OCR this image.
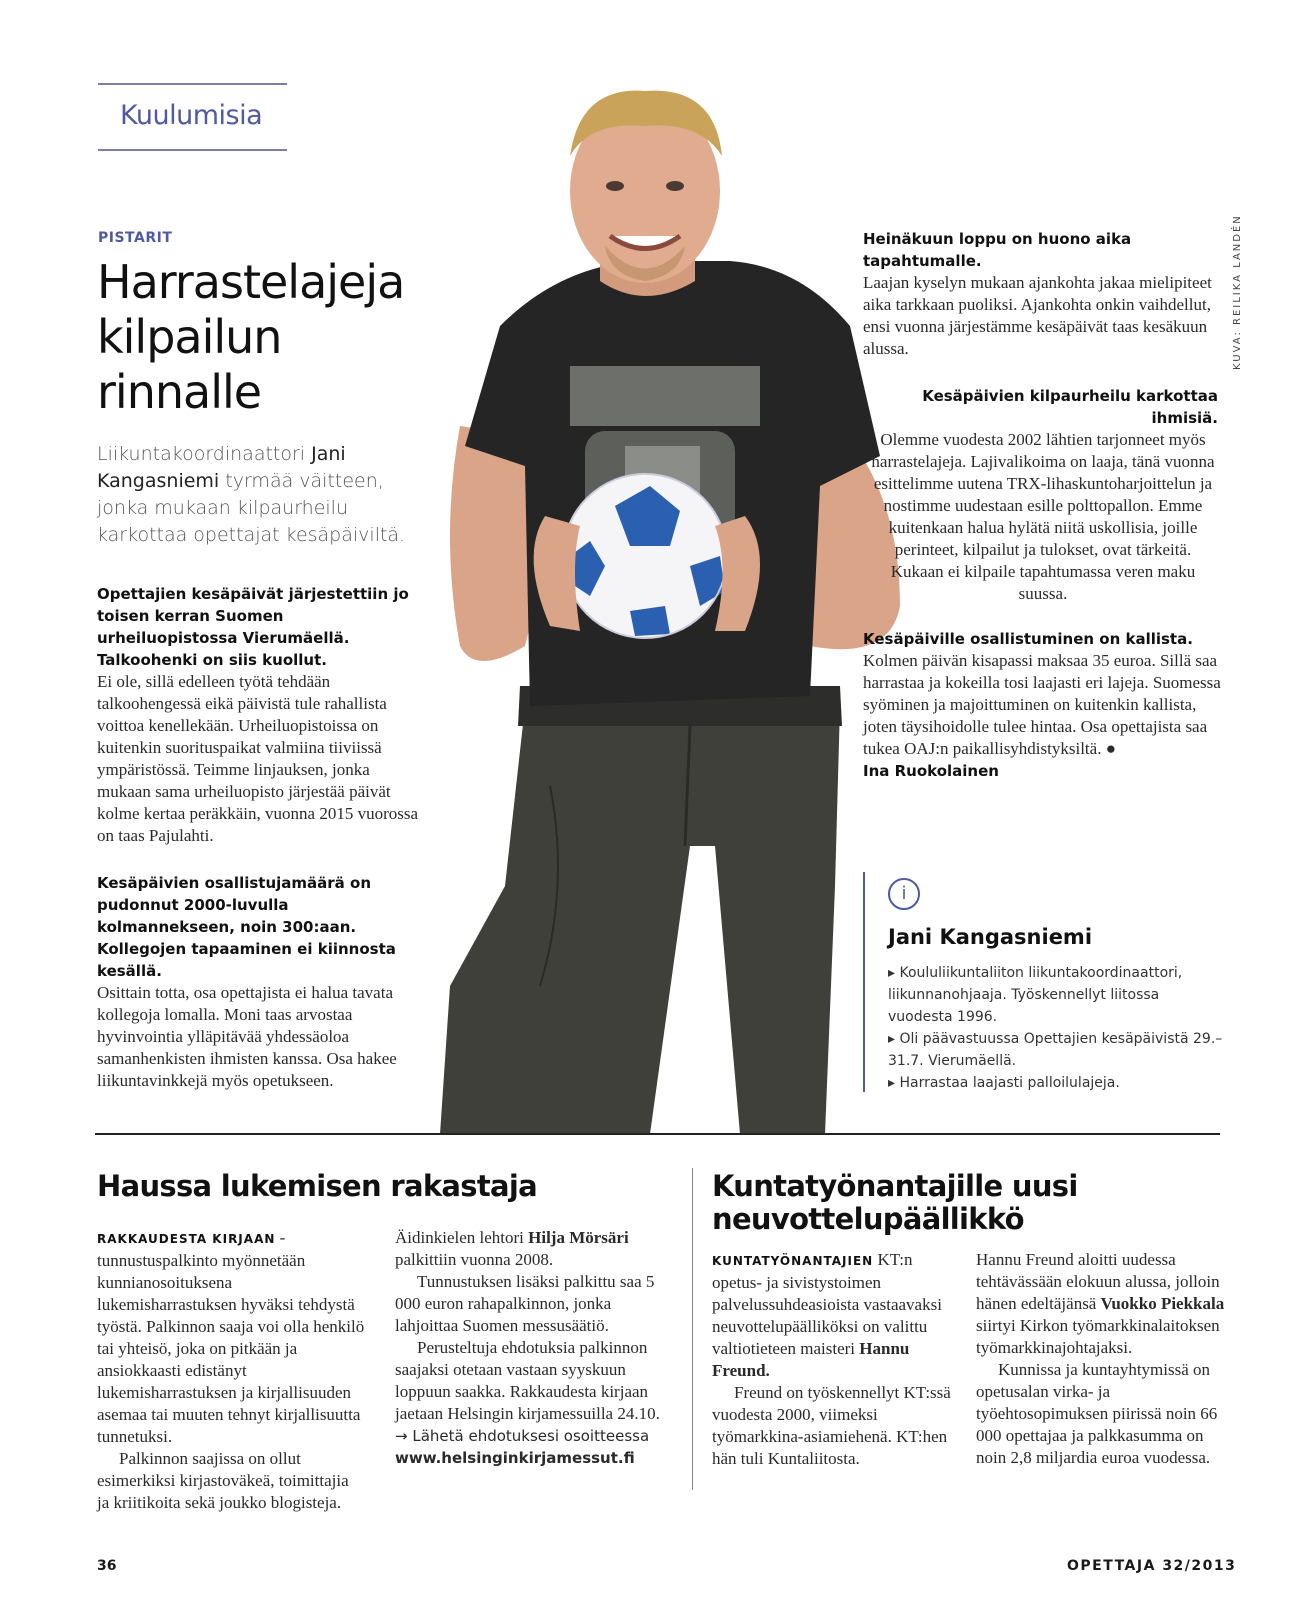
Kuulumisia
KUVA: REILIKA LANDÉN
PISTARIT
Harrastelajeja
kilpailun
rinnalle

Liikuntakoordinaattori Jani Kangasniemi tyrmää väitteen, jonka mukaan kilpaurheilu karkottaa opettajat kesäpäiviltä.

Opettajien kesäpäivät järjestettiin jo toisen kerran Suomen urheiluopistossa Vierumäellä. Talkoohenki on siis kuollut.

Ei ole, sillä edelleen työtä tehdään talkoohengessä eikä päivistä tule rahallista voittoa kenellekään. Urheiluopistoissa on kuitenkin suorituspaikat valmiina tiiviissä ympäristössä. Teimme linjauksen, jonka mukaan sama urheiluopisto järjestää päivät kolme kertaa peräkkäin, vuonna 2015 vuorossa on taas Pajulahti.

Kesäpäivien osallistujamäärä on pudonnut 2000-luvulla kolmannekseen, noin 300:aan. Kollegojen tapaaminen ei kiinnosta kesällä.

Osittain totta, osa opettajista ei halua tavata kollegoja lomalla. Moni taas arvostaa hyvinvointia ylläpitävää yhdessäoloa samanhenkisten ihmisten kanssa. Osa hakee liikuntavinkkejä myös opetukseen.

Heinäkuun loppu on huono aika tapahtumalle.

Laajan kyselyn mukaan ajankohta jakaa mielipiteet aika tarkkaan puoliksi. Ajankohta onkin vaihdellut, ensi vuonna järjestämme kesäpäivät taas kesäkuun alussa.

Kesäpäivien kilpaurheilu karkottaa ihmisiä.

Olemme vuodesta 2002 lähtien tarjonneet myös harrastelajeja. Lajivalikoima on laaja, tänä vuonna esittelimme uutena TRX-lihaskuntoharjoittelun ja nostimme uudestaan esille polttopallon. Emme kuitenkaan halua hylätä niitä uskollisia, joille perinteet, kilpailut ja tulokset, ovat tärkeitä. Kukaan ei kilpaile tapahtumassa veren maku suussa.

Kesäpäiville osallistuminen on kallista.

Kolmen päivän kisapassi maksaa 35 euroa. Sillä saa harrastaa ja kokeilla tosi laajasti eri lajeja. Suomessa syöminen ja majoittuminen on kuitenkin kallista, joten täysihoidolle tulee hintaa. Osa opettajista saa tukea OAJ:n paikallisyhdistyksiltä. ●

Ina Ruokolainen

i
Jani Kangasniemi
▸ Koululiikuntaliiton liikuntakoordinaattori, liikunnanohjaaja. Työskennellyt liitossa vuodesta 1996.
▸ Oli päävastuussa Opettajien kesäpäivistä 29.–31.7. Vierumäellä.
▸ Harrastaa laajasti palloilulajeja.
Haussa lukemisen rakastaja

RAKKAUDESTA KIRJAAN -tunnustuspalkinto myönnetään kunnianosoituksena lukemisharrastuksen hyväksi tehdystä työstä. Palkinnon saaja voi olla henkilö tai yhteisö, joka on pitkään ja ansiokkaasti edistänyt lukemisharrastuksen ja kirjallisuuden asemaa tai muuten tehnyt kirjallisuutta tunnetuksi.

Palkinnon saajissa on ollut esimerkiksi kirjastoväkeä, toimittajia ja kriitikoita sekä joukko blogisteja.

Äidinkielen lehtori Hilja Mörsäri palkittiin vuonna 2008.

Tunnustuksen lisäksi palkittu saa 5 000 euron rahapalkinnon, jonka lahjoittaa Suomen messusäätiö.

Perusteltuja ehdotuksia palkinnon saajaksi otetaan vastaan syyskuun loppuun saakka. Rakkaudesta kirjaan jaetaan Helsingin kirjamessuilla 24.10.

→ Lähetä ehdotuksesi osoitteessa
www.helsinginkirjamessut.fi
Kuntatyönantajille uusi neuvottelupäällikkö

KUNTATYÖNANTAJIEN KT:n opetus- ja sivistystoimen palvelussuhdeasioista vastaavaksi neuvottelupäälliköksi on valittu valtiotieteen maisteri Hannu Freund.

Freund on työskennellyt KT:ssä vuodesta 2000, viimeksi työmarkkina-asiamiehenä. KT:hen hän tuli Kuntaliitosta.

Hannu Freund aloitti uudessa tehtävässään elokuun alussa, jolloin hänen edeltäjänsä Vuokko Piekkala siirtyi Kirkon työmarkkinalaitoksen työmarkkinajohtajaksi.

Kunnissa ja kuntayhtymissä on opetusalan virka- ja työehtosopimuksen piirissä noin 66 000 opettajaa ja palkkasumma on noin 2,8 miljardia euroa vuodessa.

36	OPETTAJA 32/2013
